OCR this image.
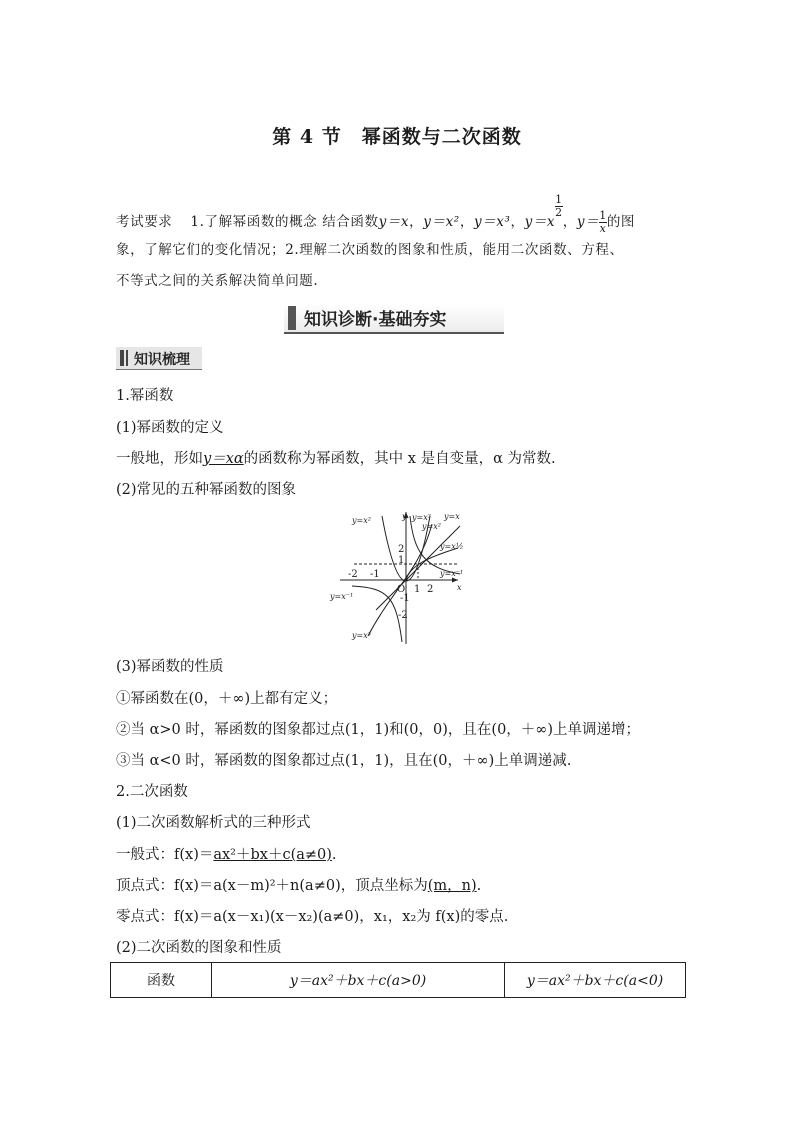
第 4 节　幂函数与二次函数
考试要求 1.了解幂函数的概念 结合函数y＝x，y＝x²，y＝x³，y＝x
$\frac{1}{2}$
，$y= \frac{1}{x}$ 的图
象，了解它们的变化情况；2.理解二次函数的图象和性质，能用二次函数、方程、
不等式之间的关系解决简单问题.
知识诊断·基础夯实
知识梳理
1.幂函数
(1)幂函数的定义
一般地，形如y＝xα的函数称为幂函数，其中 x 是自变量，α 为常数.
(2)常见的五种幂函数的图象
y=x²	y y=x³
y=x²
y=x
y=x½
y=x⁻¹
y=x⁻¹
y=x³
x
O
2
1
-1
-2
-2 -1
1 2
(3)幂函数的性质
①幂函数在(0，＋∞)上都有定义；
②当 α>0 时，幂函数的图象都过点(1，1)和(0，0)，且在(0，＋∞)上单调递增；
③当 α<0 时，幂函数的图象都过点(1，1)，且在(0，＋∞)上单调递减.
2.二次函数
(1)二次函数解析式的三种形式
一般式：f(x)＝ax²＋bx＋c(a≠0).
顶点式：f(x)＝a(x－m)²＋n(a≠0)，顶点坐标为(m，n).
零点式：f(x)＝a(x－x₁)(x－x₂)(a≠0)，x₁，x₂为 f(x)的零点.
(2)二次函数的图象和性质
函数	y＝ax²＋bx＋c(a>0)	y＝ax²＋bx＋c(a<0)
